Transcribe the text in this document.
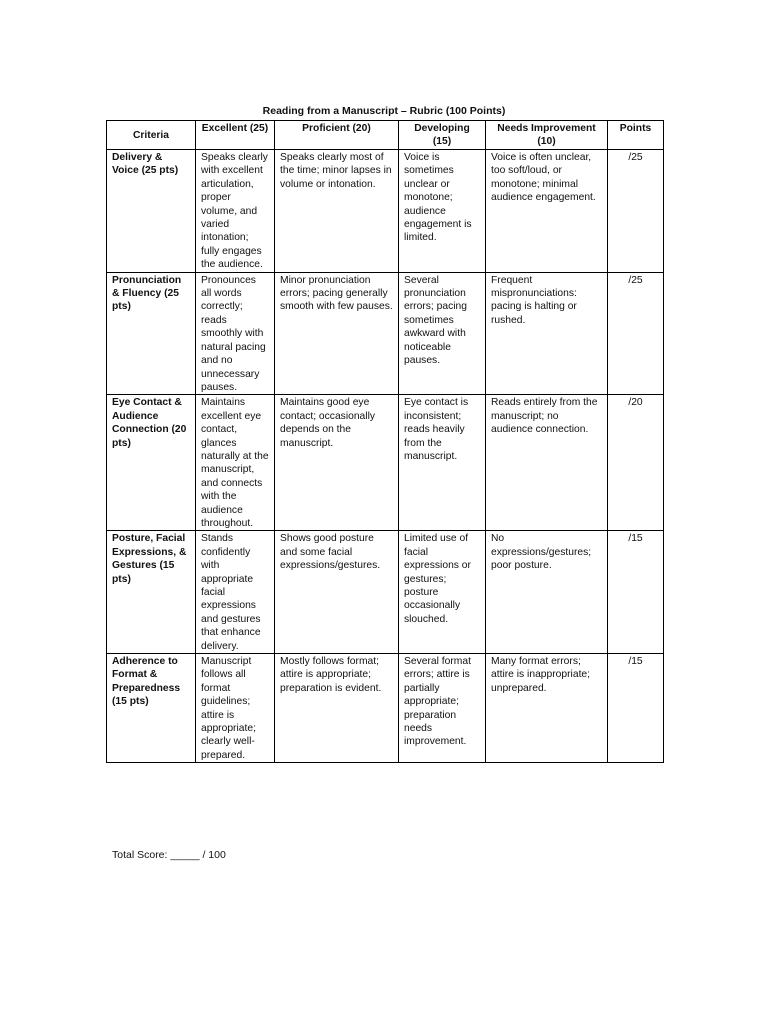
Reading from a Manuscript – Rubric (100 Points)
Criteria	Excellent (25)	Proficient (20)	Developing (15)	Needs Improvement (10)	Points
Delivery & Voice (25 pts)	Speaks clearly with excellent articulation, proper volume, and varied intonation; fully engages the audience.	Speaks clearly most of the time; minor lapses in volume or intonation.	Voice is sometimes unclear or monotone; audience engagement is limited.	Voice is often unclear, too soft/loud, or monotone; minimal audience engagement.	/25
Pronunciation & Fluency (25 pts)	Pronounces all words correctly; reads smoothly with natural pacing and no unnecessary pauses.	Minor pronunciation errors; pacing generally smooth with few pauses.	Several pronunciation errors; pacing sometimes awkward with noticeable pauses.	Frequent mispronunciations: pacing is halting or rushed.	/25
Eye Contact & Audience Connection (20 pts)	Maintains excellent eye contact, glances naturally at the manuscript, and connects with the audience throughout.	Maintains good eye contact; occasionally depends on the manuscript.	Eye contact is inconsistent; reads heavily from the manuscript.	Reads entirely from the manuscript; no audience connection.	/20
Posture, Facial Expressions, & Gestures (15 pts)	Stands confidently with appropriate facial expressions and gestures that enhance delivery.	Shows good posture and some facial expressions/gestures.	Limited use of facial expressions or gestures; posture occasionally slouched.	No expressions/gestures; poor posture.	/15
Adherence to Format & Preparedness (15 pts)	Manuscript follows all format guidelines; attire is appropriate; clearly well-prepared.	Mostly follows format; attire is appropriate; preparation is evident.	Several format errors; attire is partially appropriate; preparation needs improvement.	Many format errors; attire is inappropriate; unprepared.	/15
Total Score: _____ / 100
